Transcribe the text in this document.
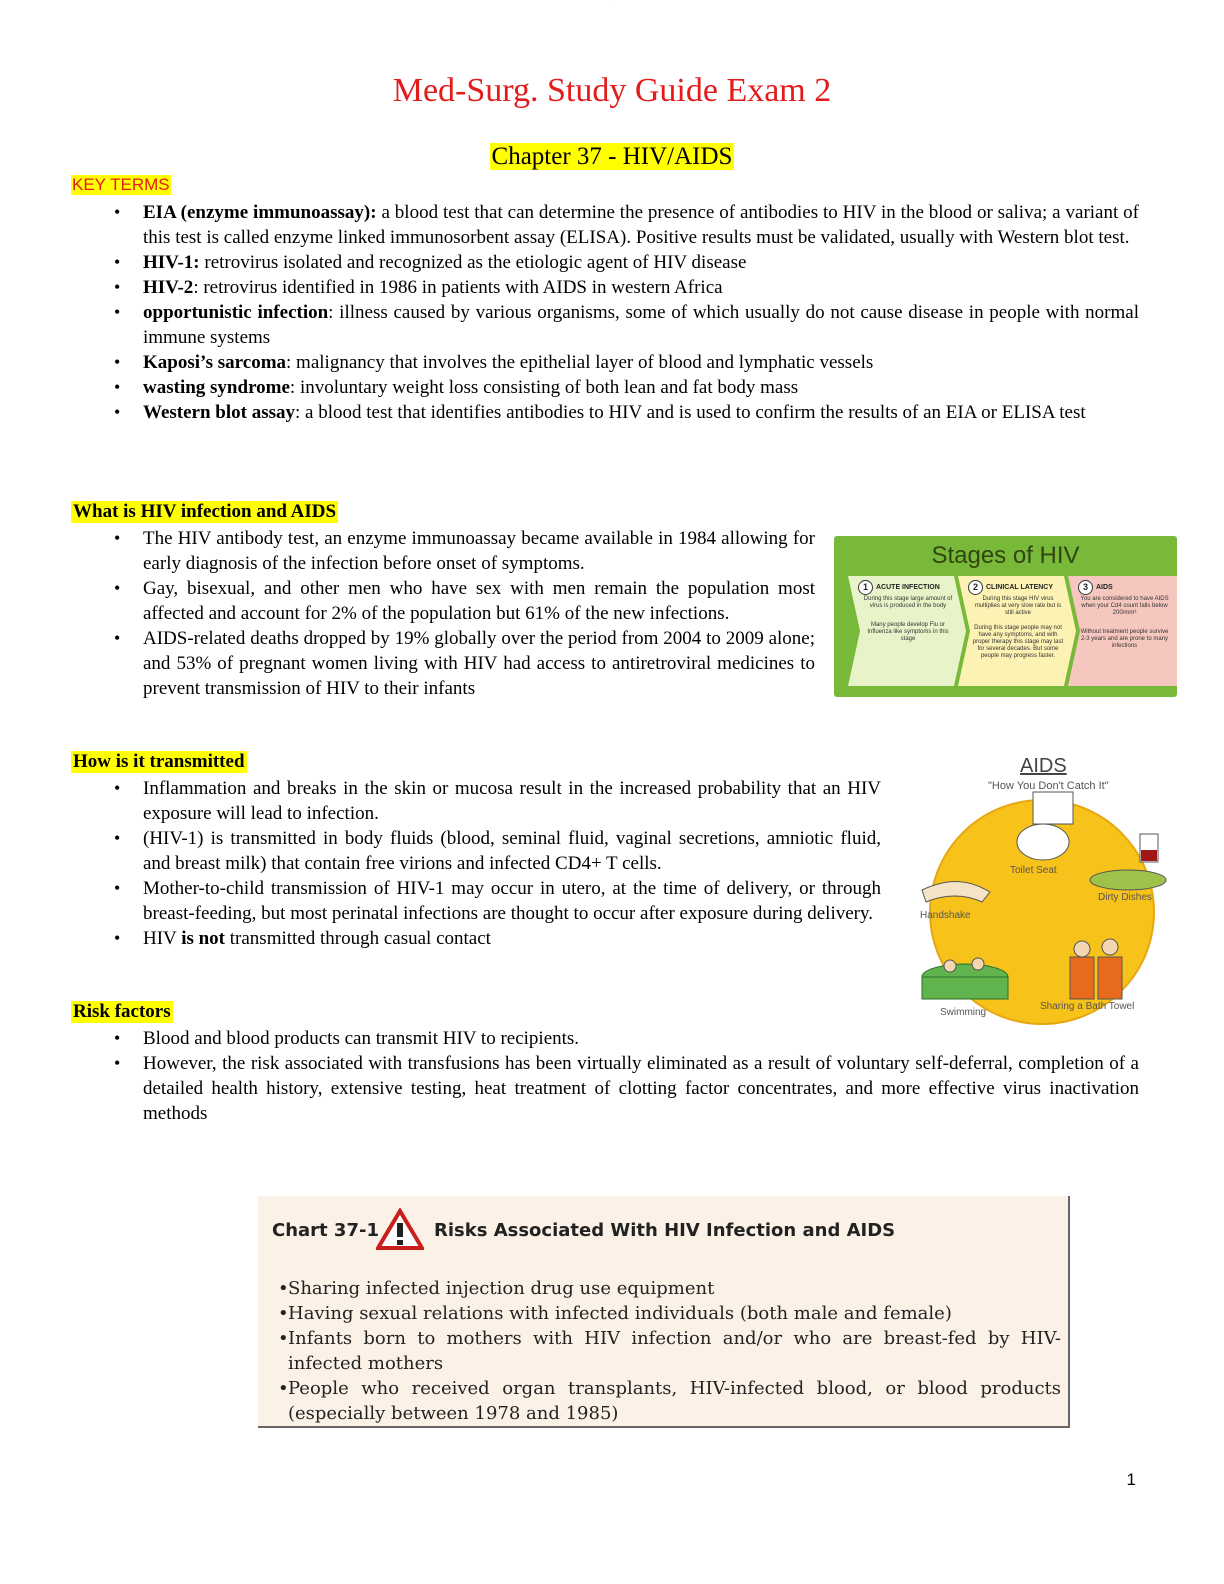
·
Med-Surg. Study Guide Exam 2
Chapter 37 - HIV/AIDS
KEY TERMS
• EIA (enzyme immunoassay): a blood test that can determine the presence of antibodies to HIV in the blood or saliva; a variant of this test is called enzyme linked immunosorbent assay (ELISA). Positive results must be validated, usually with Western blot test.
• HIV-1: retrovirus isolated and recognized as the etiologic agent of HIV disease
• HIV-2: retrovirus identified in 1986 in patients with AIDS in western Africa
• opportunistic infection: illness caused by various organisms, some of which usually do not cause disease in people with normal immune systems
• Kaposi’s sarcoma: malignancy that involves the epithelial layer of blood and lymphatic vessels
• wasting syndrome: involuntary weight loss consisting of both lean and fat body mass
• Western blot assay: a blood test that identifies antibodies to HIV and is used to confirm the results of an EIA or ELISA test
What is HIV infection and AIDS
• The HIV antibody test, an enzyme immunoassay became available in 1984 allowing for early diagnosis of the infection before onset of symptoms.
• Gay, bisexual, and other men who have sex with men remain the population most affected and account for 2% of the population but 61% of the new infections.
• AIDS-related deaths dropped by 19% globally over the period from 2004 to 2009 alone; and 53% of pregnant women living with HIV had access to antiretroviral medicines to prevent transmission of HIV to their infants
Stages of HIV
1	ACUTE INFECTION
During this stage large amount of virus is produced in the body
Many people develop Flu or Influenza like symptoms in this stage
2	CLINICAL LATENCY
During this stage HIV virus multiplies at very slow rate but is still active
During this stage people may not have any symptoms, and with proper therapy this stage may last for several decades. But some people may progress faster.
3	AIDS
You are considered to have AIDS when your Cd4 count falls below 200/mm³
Without treatment people survive 2-3 years and are prone to many infections
How is it transmitted
• Inflammation and breaks in the skin or mucosa result in the increased probability that an HIV exposure will lead to infection.
• (HIV-1) is transmitted in body fluids (blood, seminal fluid, vaginal secretions, amniotic fluid, and breast milk) that contain free virions and infected CD4+ T cells.
• Mother-to-child transmission of HIV-1 may occur in utero, at the time of delivery, or through breast-feeding, but most perinatal infections are thought to occur after exposure during delivery.
• HIV is not transmitted through casual contact
AIDS
"How You Don't Catch It"
Toilet Seat
Dirty Dishes
Handshake
Swimming
Sharing a Bath Towel
Risk factors
• Blood and blood products can transmit HIV to recipients.
• However, the risk associated with transfusions has been virtually eliminated as a result of voluntary self-deferral, completion of a detailed health history, extensive testing, heat treatment of clotting factor concentrates, and more effective virus inactivation methods
Chart 37-1	Risks Associated With HIV Infection and AIDS
• Sharing infected injection drug use equipment
• Having sexual relations with infected individuals (both male and female)
• Infants born to mothers with HIV infection and/or who are breast-fed by HIV-infected mothers
• People who received organ transplants, HIV-infected blood, or blood products (especially between 1978 and 1985)
1
